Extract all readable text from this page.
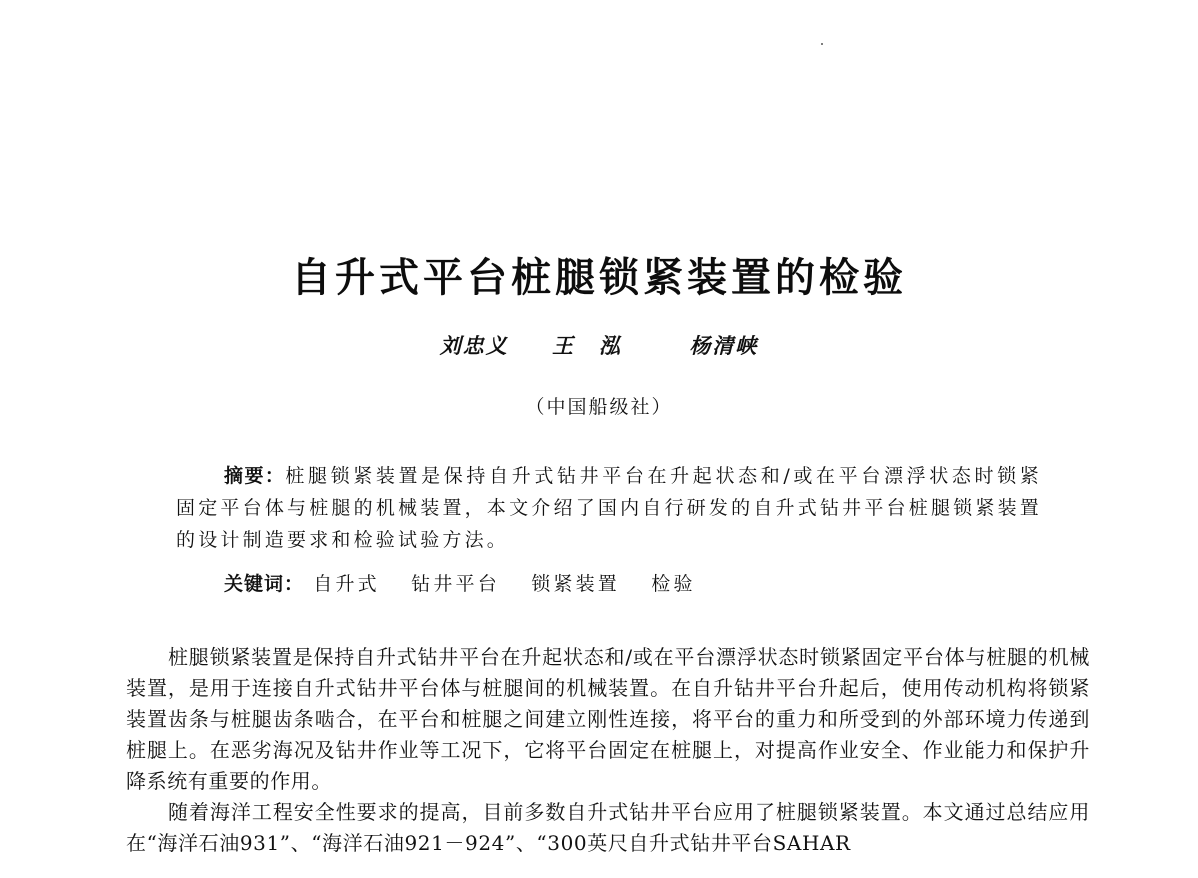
自升式平台桩腿锁紧装置的检验
刘忠义 王泓 杨清峡
（中国船级社）

摘要：桩腿锁紧装置是保持自升式钻井平台在升起状态和/或在平台漂浮状态时锁紧固定平台体与桩腿的机械装置，本文介绍了国内自行研发的自升式钻井平台桩腿锁紧装置的设计制造要求和检验试验方法。

关键词： 自升式 钻井平台 锁紧装置 检验

桩腿锁紧装置是保持自升式钻井平台在升起状态和/或在平台漂浮状态时锁紧固定平台体与桩腿的机械装置，是用于连接自升式钻井平台体与桩腿间的机械装置。在自升钻井平台升起后，使用传动机构将锁紧装置齿条与桩腿齿条啮合，在平台和桩腿之间建立刚性连接，将平台的重力和所受到的外部环境力传递到桩腿上。在恶劣海况及钻井作业等工况下，它将平台固定在桩腿上，对提高作业安全、作业能力和保护升降系统有重要的作用。

随着海洋工程安全性要求的提高，目前多数自升式钻井平台应用了桩腿锁紧装置。本文通过总结应用在“海洋石油931”、“海洋石油921－924”、“300英尺自升式钻井平台SAHAR
